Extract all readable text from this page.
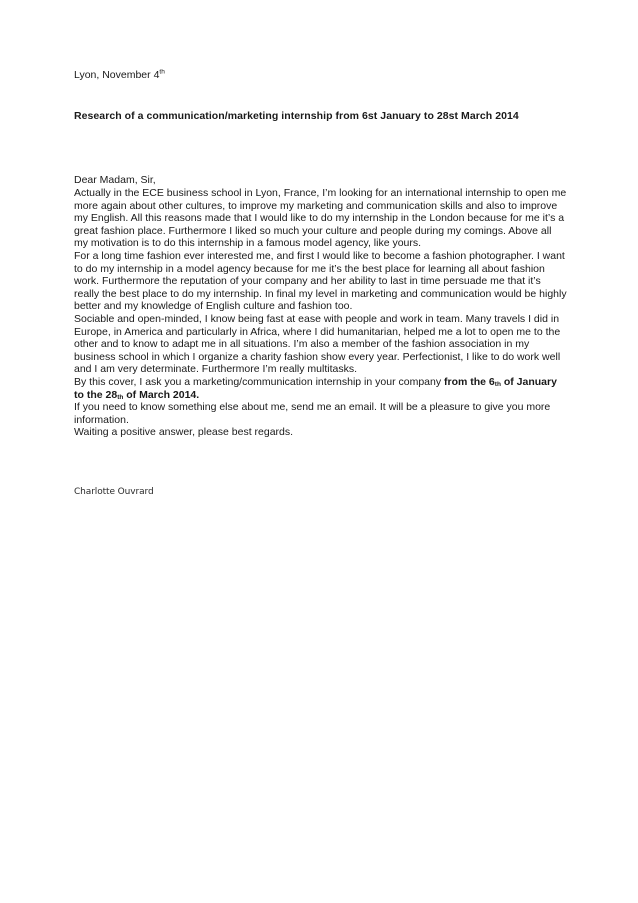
Lyon, November 4th
Research of a communication/marketing internship from 6st January to 28st March 2014
Dear Madam, Sir,

Actually in the ECE business school in Lyon, France, I’m looking for an international internship to open me more again about other cultures, to improve my marketing and communication skills and also to improve my English. All this reasons made that I would like to do my internship in the London because for me it’s a great fashion place. Furthermore I liked so much your culture and people during my comings. Above all my motivation is to do this internship in a famous model agency, like yours.

For a long time fashion ever interested me, and first I would like to become a fashion photographer. I want to do my internship in a model agency because for me it’s the best place for learning all about fashion work. Furthermore the reputation of your company and her ability to last in time persuade me that it’s really the best place to do my internship. In final my level in marketing and communication would be highly better and my knowledge of English culture and fashion too.

Sociable and open-minded, I know being fast at ease with people and work in team. Many travels I did in Europe, in America and particularly in Africa, where I did humanitarian, helped me a lot to open me to the other and to know to adapt me in all situations. I’m also a member of the fashion association in my business school in which I organize a charity fashion show every year. Perfectionist, I like to do work well and I am very determinate. Furthermore I’m really multitasks.

By this cover, I ask you a marketing/communication internship in your company from the $6_{th}$ of January to the $28_{th}$ of March 2014.

If you need to know something else about me, send me an email. It will be a pleasure to give you more information.

Waiting a positive answer, please best regards.

Charlotte Ouvrard
